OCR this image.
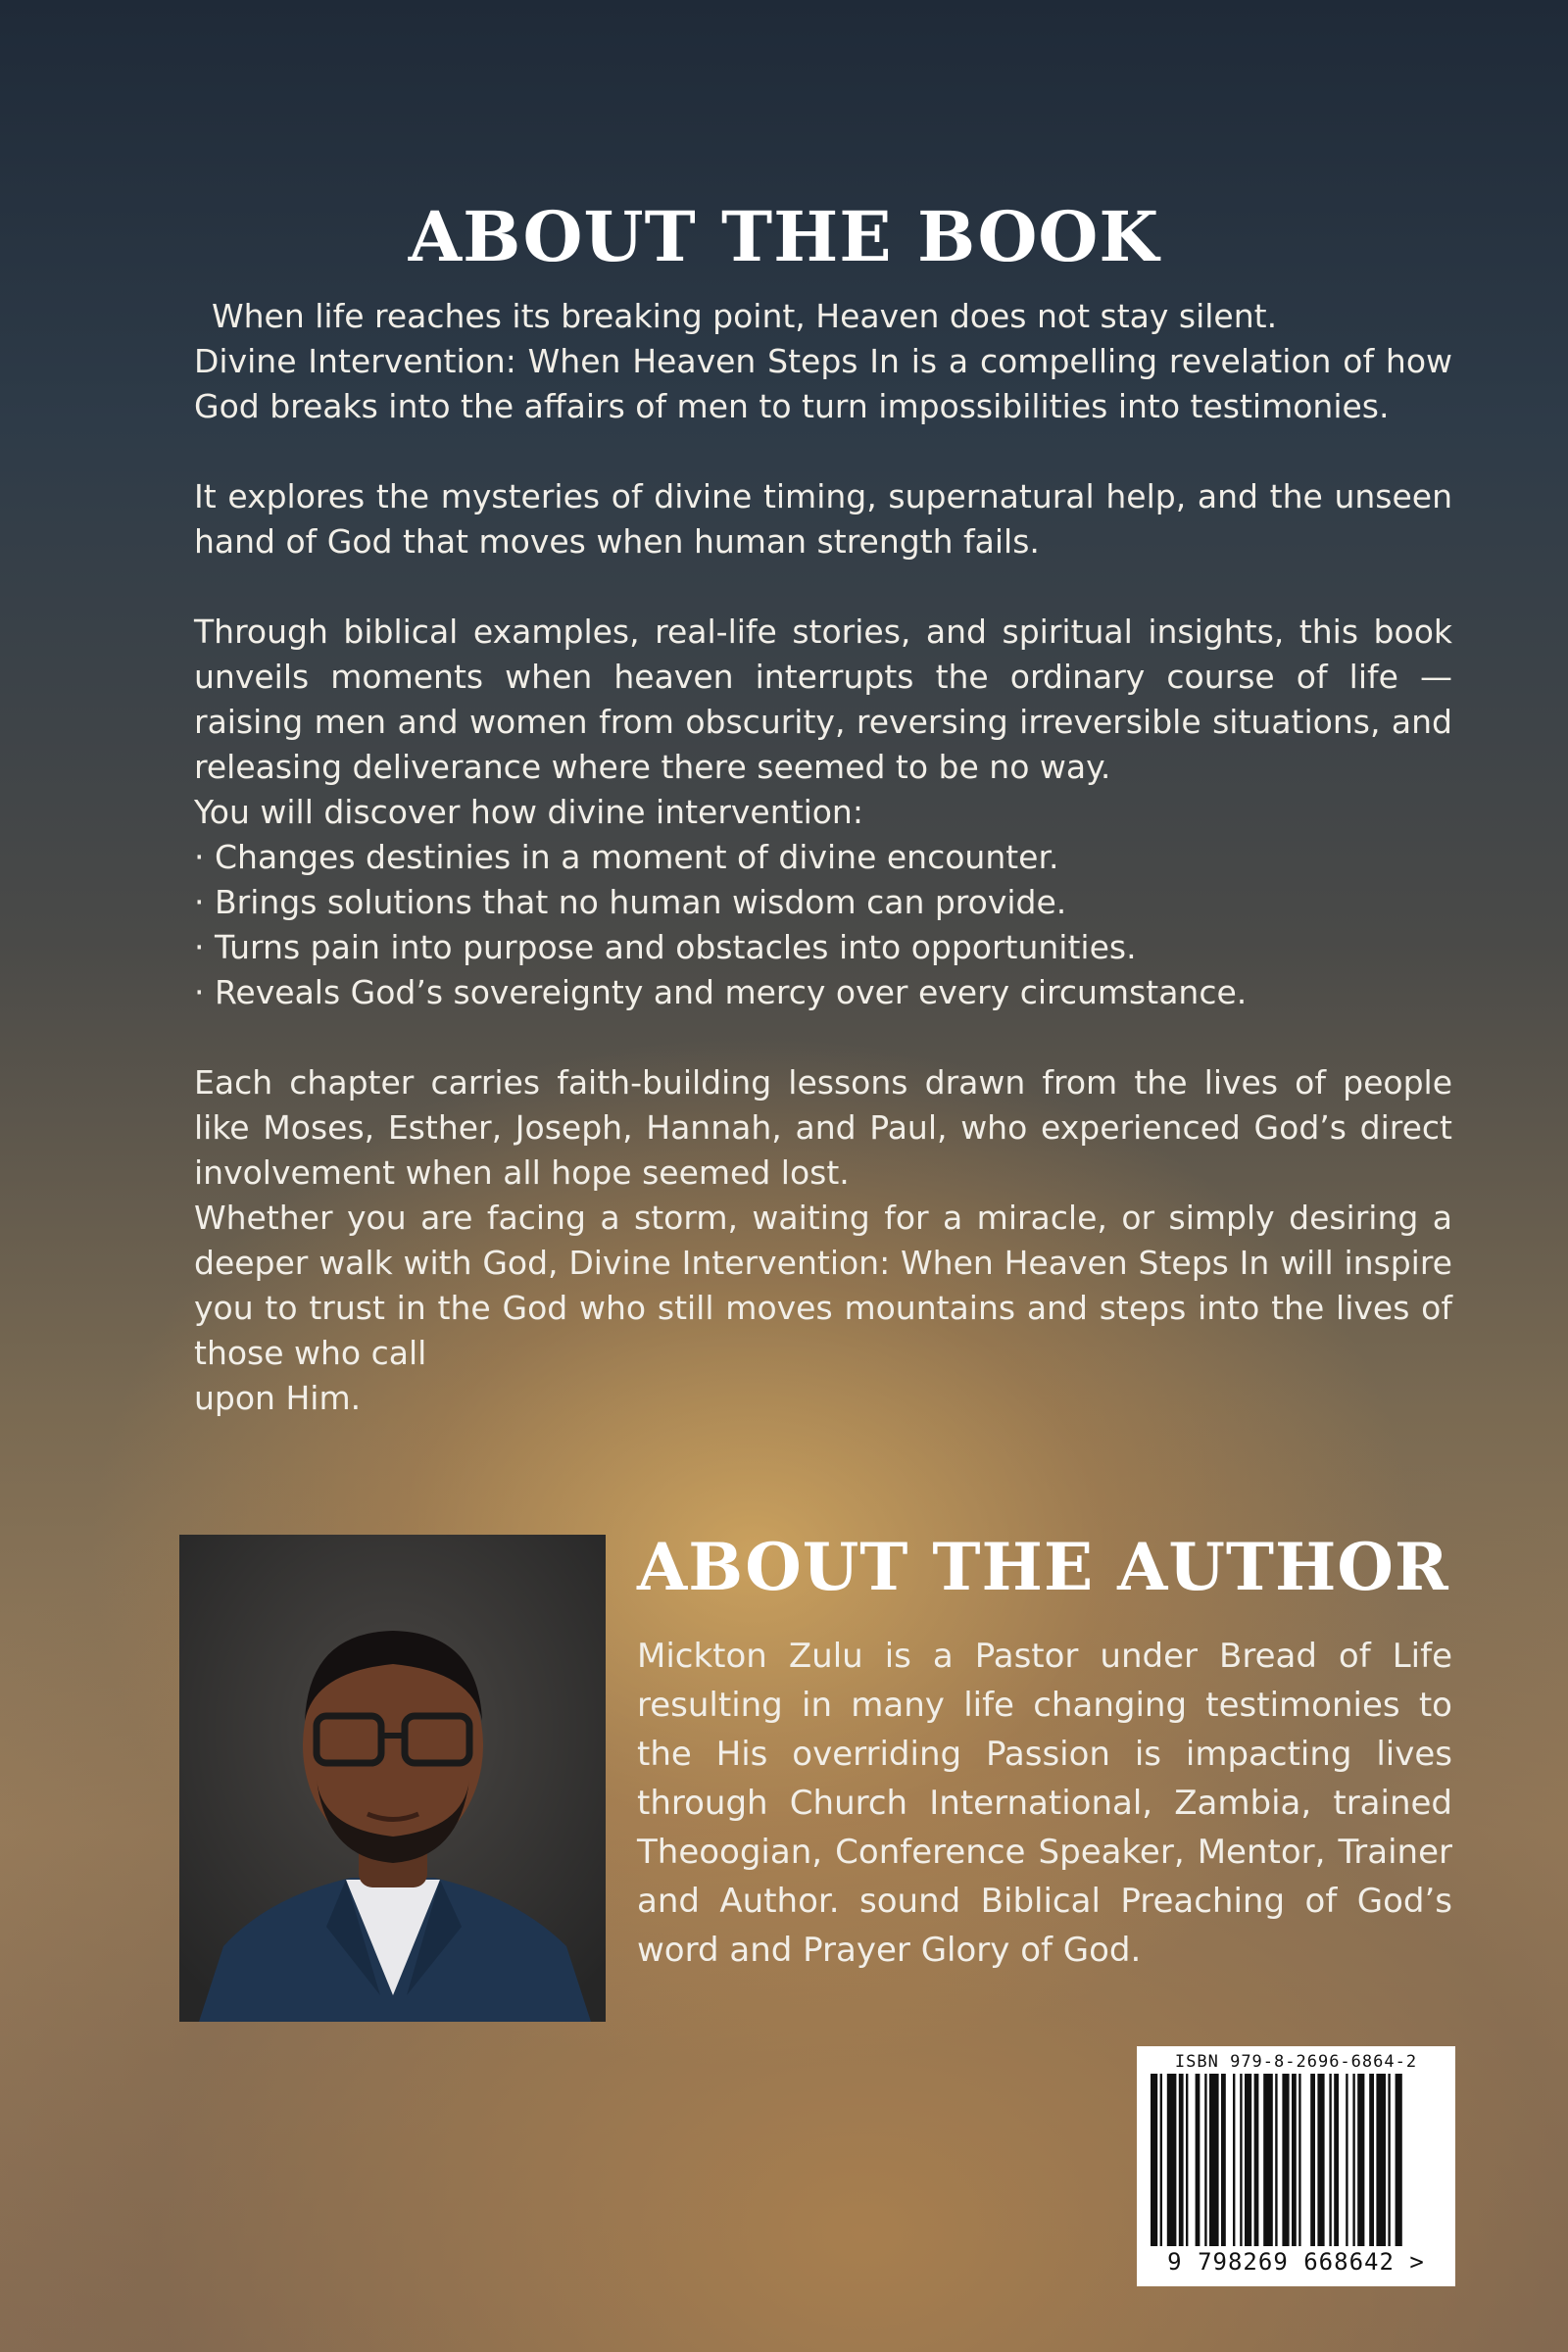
ABOUT THE BOOK

When life reaches its breaking point, Heaven does not stay silent.

Divine Intervention: When Heaven Steps In is a compelling revelation of how God breaks into the affairs of men to turn impossibilities into testimonies.

It explores the mysteries of divine timing, supernatural help, and the unseen hand of God that moves when human strength fails.

Through biblical examples, real-life stories, and spiritual insights, this book unveils moments when heaven interrupts the ordinary course of life — raising men and women from obscurity, reversing irreversible situations, and releasing deliverance where there seemed to be no way.

You will discover how divine intervention:

· Changes destinies in a moment of divine encounter.
· Brings solutions that no human wisdom can provide.
· Turns pain into purpose and obstacles into opportunities.
· Reveals God’s sovereignty and mercy over every circumstance.

Each chapter carries faith-building lessons drawn from the lives of people like Moses, Esther, Joseph, Hannah, and Paul, who experienced God’s direct involvement when all hope seemed lost.

Whether you are facing a storm, waiting for a miracle, or simply desiring a deeper walk with God, Divine Intervention: When Heaven Steps In will inspire you to trust in the God who still moves mountains and steps into the lives of those who call

upon Him.

ABOUT THE AUTHOR

Mickton Zulu is a Pastor under Bread of Life resulting in many life changing testimonies to the His overriding Passion is impacting lives through Church International, Zambia, trained Theoogian, Conference Speaker, Mentor, Trainer and Author. sound Biblical Preaching of God’s word and Prayer Glory of God.

ISBN 979-8-2696-6864-2
9 798269 668642 >
